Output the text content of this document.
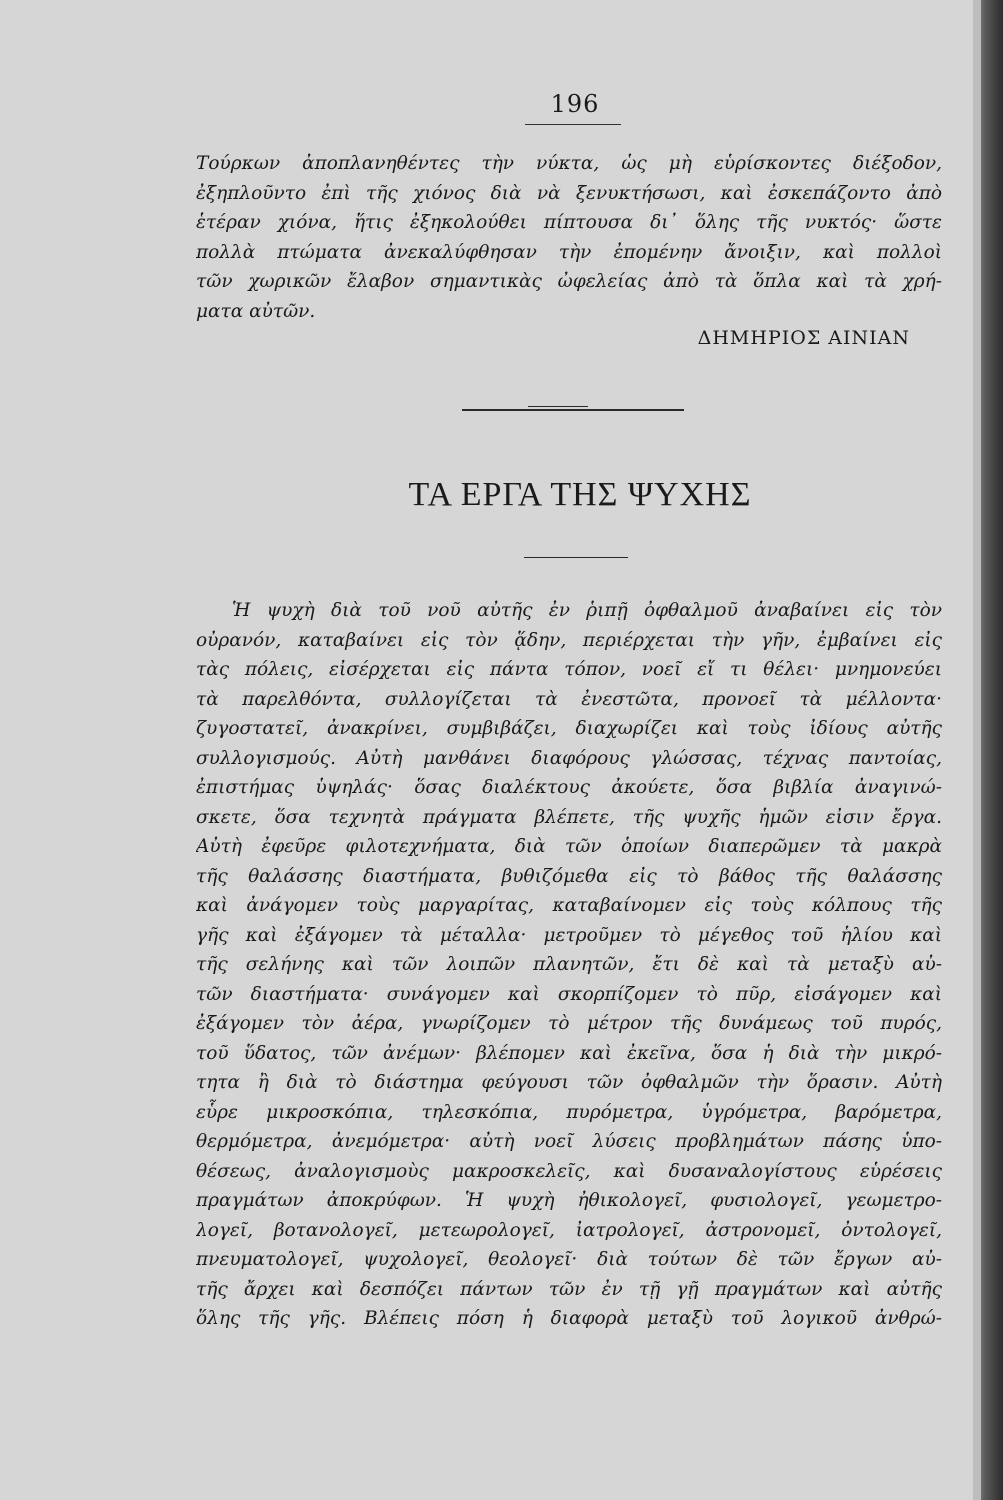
196
Τούρκων ἀποπλανηθέντες τὴν νύκτα, ὡς μὴ εὑρίσκοντες διέξοδον,
ἐξηπλοῦντο ἐπὶ τῆς χιόνος διὰ νὰ ξενυκτήσωσι, καὶ ἐσκεπάζοντο ἀπὸ
ἑτέραν χιόνα, ἥτις ἐξηκολούθει πίπτουσα δι᾿ ὅλης τῆς νυκτός· ὥστε
πολλὰ πτώματα ἀνεκαλύφθησαν τὴν ἐπομένην ἄνοιξιν, καὶ πολλοὶ
τῶν χωρικῶν ἔλαβον σημαντικὰς ὠφελείας ἀπὸ τὰ ὅπλα καὶ τὰ χρή-
ματα αὐτῶν.
ΔΗΜΗΡΙΟΣ ΑΙΝΙΑΝ
ΤΑ ΕΡΓΑ ΤΗΣ ΨΥΧΗΣ
Ἡ ψυχὴ διὰ τοῦ νοῦ αὐτῆς ἐν ῥιπῇ ὀφθαλμοῦ ἀναβαίνει εἰς τὸν
οὐρανόν, καταβαίνει εἰς τὸν ᾅδην, περιέρχεται τὴν γῆν, ἐμβαίνει εἰς
τὰς πόλεις, εἰσέρχεται εἰς πάντα τόπον, νοεῖ εἴ τι θέλει· μνημονεύει
τὰ παρελθόντα, συλλογίζεται τὰ ἐνεστῶτα, προνοεῖ τὰ μέλλοντα·
ζυγοστατεῖ, ἀνακρίνει, συμβιβάζει, διαχωρίζει καὶ τοὺς ἰδίους αὐτῆς
συλλογισμούς. Αὐτὴ μανθάνει διαφόρους γλώσσας, τέχνας παντοίας,
ἐπιστήμας ὑψηλάς· ὅσας διαλέκτους ἀκούετε, ὅσα βιβλία ἀναγινώ-
σκετε, ὅσα τεχνητὰ πράγματα βλέπετε, τῆς ψυχῆς ἡμῶν εἰσιν ἔργα.
Αὐτὴ ἐφεῦρε φιλοτεχνήματα, διὰ τῶν ὁποίων διαπερῶμεν τὰ μακρὰ
τῆς θαλάσσης διαστήματα, βυθιζόμεθα εἰς τὸ βάθος τῆς θαλάσσης
καὶ ἀνάγομεν τοὺς μαργαρίτας, καταβαίνομεν εἰς τοὺς κόλπους τῆς
γῆς καὶ ἐξάγομεν τὰ μέταλλα· μετροῦμεν τὸ μέγεθος τοῦ ἡλίου καὶ
τῆς σελήνης καὶ τῶν λοιπῶν πλανητῶν, ἔτι δὲ καὶ τὰ μεταξὺ αὐ-
τῶν διαστήματα· συνάγομεν καὶ σκορπίζομεν τὸ πῦρ, εἰσάγομεν καὶ
ἐξάγομεν τὸν ἀέρα, γνωρίζομεν τὸ μέτρον τῆς δυνάμεως τοῦ πυρός,
τοῦ ὕδατος, τῶν ἀνέμων· βλέπομεν καὶ ἐκεῖνα, ὅσα ἡ διὰ τὴν μικρό-
τητα ἢ διὰ τὸ διάστημα φεύγουσι τῶν ὀφθαλμῶν τὴν ὅρασιν. Αὐτὴ
εὗρε μικροσκόπια, τηλεσκόπια, πυρόμετρα, ὑγρόμετρα, βαρόμετρα,
θερμόμετρα, ἀνεμόμετρα· αὐτὴ νοεῖ λύσεις προβλημάτων πάσης ὑπο-
θέσεως, ἀναλογισμοὺς μακροσκελεῖς, καὶ δυσαναλογίστους εὑρέσεις
πραγμάτων ἀποκρύφων. Ἡ ψυχὴ ἠθικολογεῖ, φυσιολογεῖ, γεωμετρο-
λογεῖ, βοτανολογεῖ, μετεωρολογεῖ, ἰατρολογεῖ, ἀστρονομεῖ, ὀντολογεῖ,
πνευματολογεῖ, ψυχολογεῖ, θεολογεῖ· διὰ τούτων δὲ τῶν ἔργων αὐ-
τῆς ἄρχει καὶ δεσπόζει πάντων τῶν ἐν τῇ γῇ πραγμάτων καὶ αὐτῆς
ὅλης τῆς γῆς. Βλέπεις πόση ἡ διαφορὰ μεταξὺ τοῦ λογικοῦ ἀνθρώ-
